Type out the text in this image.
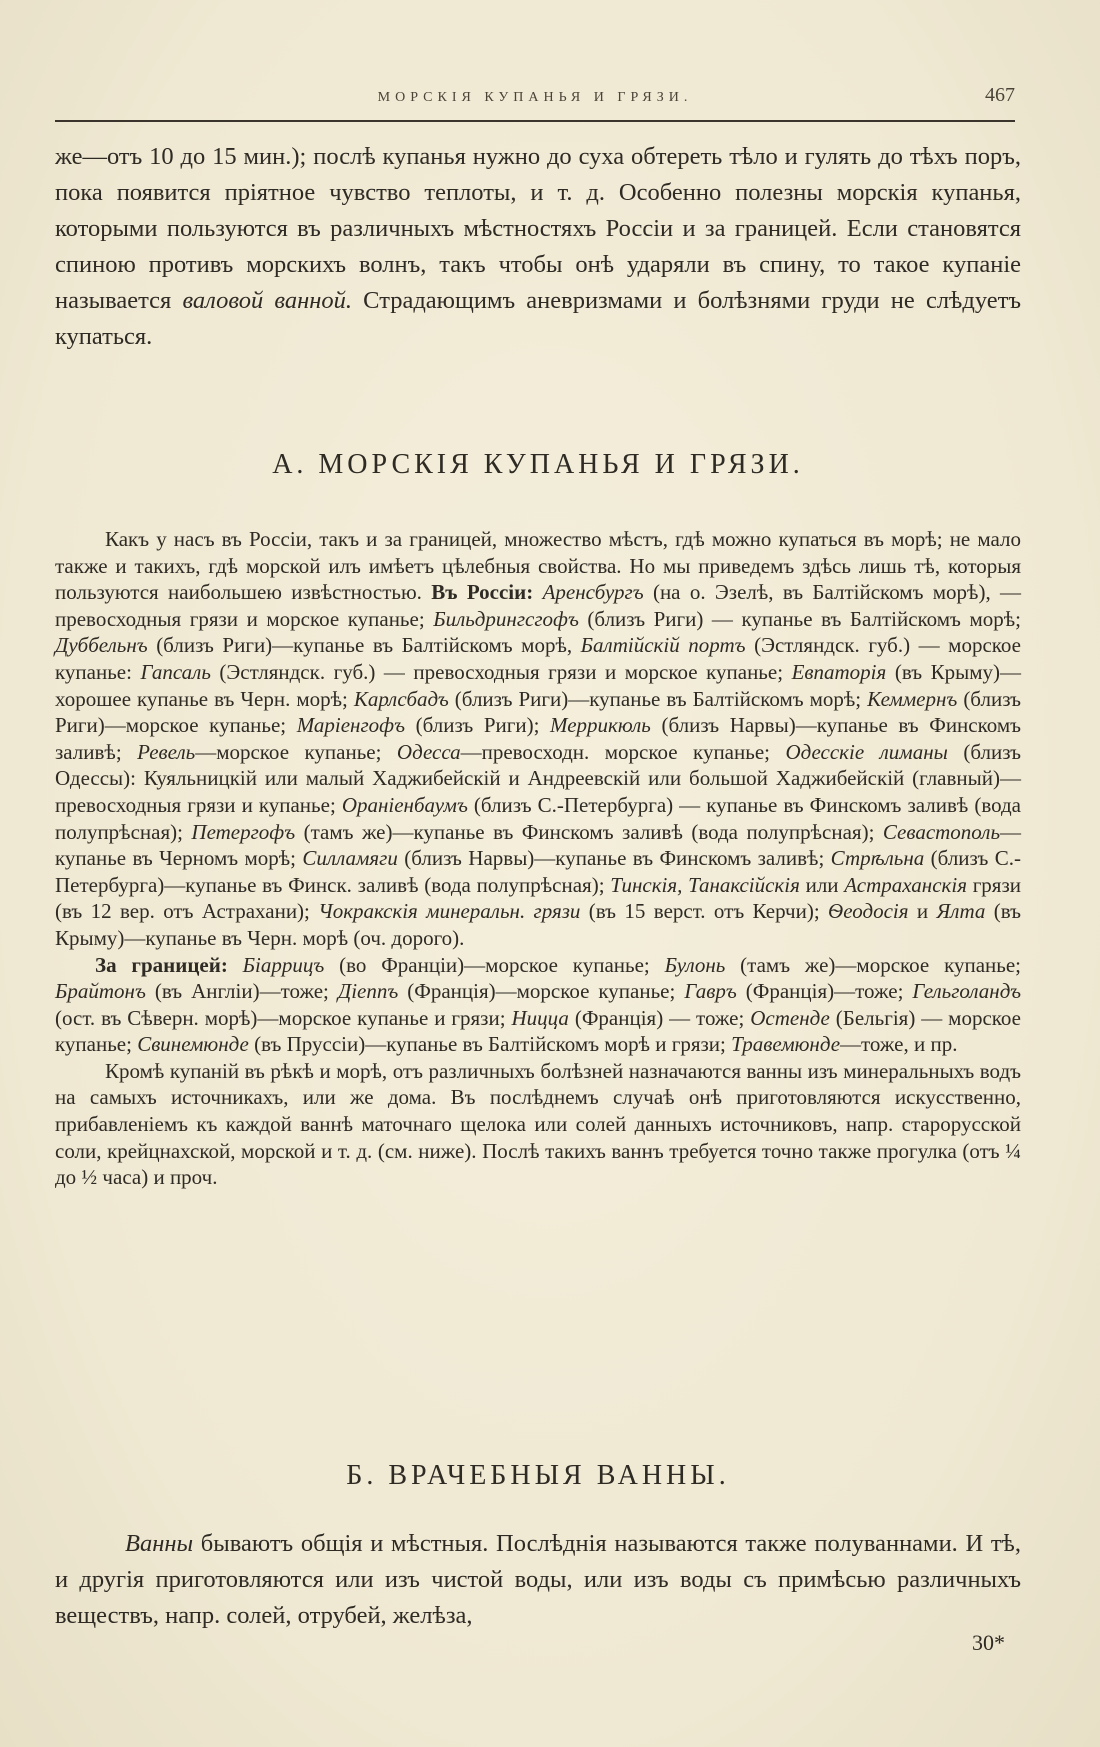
МОРСКІЯ КУПАНЬЯ И ГРЯЗИ.	467

же—отъ 10 до 15 мин.); послѣ купанья нужно до суха обтереть тѣло и гулять до тѣхъ поръ, пока появится пріятное чувство теплоты, и т. д. Особенно полезны морскія купанья, которыми пользуются въ различныхъ мѣстностяхъ Россіи и за границей. Если становятся спиною противъ морскихъ волнъ, такъ чтобы онѣ ударяли въ спину, то такое купаніе называется валовой ванной. Страдающимъ аневризмами и болѣзнями груди не слѣдуетъ купаться.

А. МОРСКІЯ КУПАНЬЯ И ГРЯЗИ.

Какъ у насъ въ Россіи, такъ и за границей, множество мѣстъ, гдѣ можно купаться въ морѣ; не мало также и такихъ, гдѣ морской илъ имѣетъ цѣлебныя свойства. Но мы приведемъ здѣсь лишь тѣ, которыя пользуются наибольшею извѣстностью. Въ Россіи: Аренсбургъ (на о. Эзелѣ, въ Балтійскомъ морѣ), — превосходныя грязи и морское купанье; Бильдрингсгофъ (близъ Риги) — купанье въ Балтійскомъ морѣ; Дуббельнъ (близъ Риги)—купанье въ Балтійскомъ морѣ, Балтійскій портъ (Эстляндск. губ.) — морское купанье: Гапсаль (Эстляндск. губ.) — превосходныя грязи и морское купанье; Евпаторія (въ Крыму)—хорошее купанье въ Черн. морѣ; Карлсбадъ (близъ Риги)—купанье въ Балтійскомъ морѣ; Кеммернъ (близъ Риги)—морское купанье; Маріенгофъ (близъ Риги); Меррикюль (близъ Нарвы)—купанье въ Финскомъ заливѣ; Ревель—морское купанье; Одесса—превосходн. морское купанье; Одесскіе лиманы (близъ Одессы): Куяльницкій или малый Хаджибейскій и Андреевскій или большой Хаджибейскій (главный)—превосходныя грязи и купанье; Ораніенбаумъ (близъ С.-Петербурга) — купанье въ Финскомъ заливѣ (вода полупрѣсная); Петергофъ (тамъ же)—купанье въ Финскомъ заливѣ (вода полупрѣсная); Севастополь—купанье въ Черномъ морѣ; Силламяги (близъ Нарвы)—купанье въ Финскомъ заливѣ; Стрѣльна (близъ С.-Петербурга)—купанье въ Финск. заливѣ (вода полупрѣсная); Тинскія, Танаксійскія или Астраханскія грязи (въ 12 вер. отъ Астрахани); Чокракскія минеральн. грязи (въ 15 верст. отъ Керчи); Ѳеодосія и Ялта (въ Крыму)—купанье въ Черн. морѣ (оч. дорого).

За границей: Біаррицъ (во Франціи)—морское купанье; Булонь (тамъ же)—морское купанье; Брайтонъ (въ Англіи)—тоже; Діеппъ (Франція)—морское купанье; Гавръ (Франція)—тоже; Гельголандъ (ост. въ Сѣверн. морѣ)—морское купанье и грязи; Ницца (Франція) — тоже; Остенде (Бельгія) — морское купанье; Свинемюнде (въ Пруссіи)—купанье въ Балтійскомъ морѣ и грязи; Травемюнде—тоже, и пр.

Кромѣ купаній въ рѣкѣ и морѣ, отъ различныхъ болѣзней назначаются ванны изъ минеральныхъ водъ на самыхъ источникахъ, или же дома. Въ послѣднемъ случаѣ онѣ приготовляются искусственно, прибавленіемъ къ каждой ваннѣ маточнаго щелока или солей данныхъ источниковъ, напр. старорусской соли, крейцнахской, морской и т. д. (см. ниже). Послѣ такихъ ваннъ требуется точно также прогулка (отъ ¼ до ½ часа) и проч.

Б. ВРАЧЕБНЫЯ ВАННЫ.

Ванны бываютъ общія и мѣстныя. Послѣднія называются также полуваннами. И тѣ, и другія приготовляются или изъ чистой воды, или изъ воды съ примѣсью различныхъ веществъ, напр. солей, отрубей, желѣза,

30*
